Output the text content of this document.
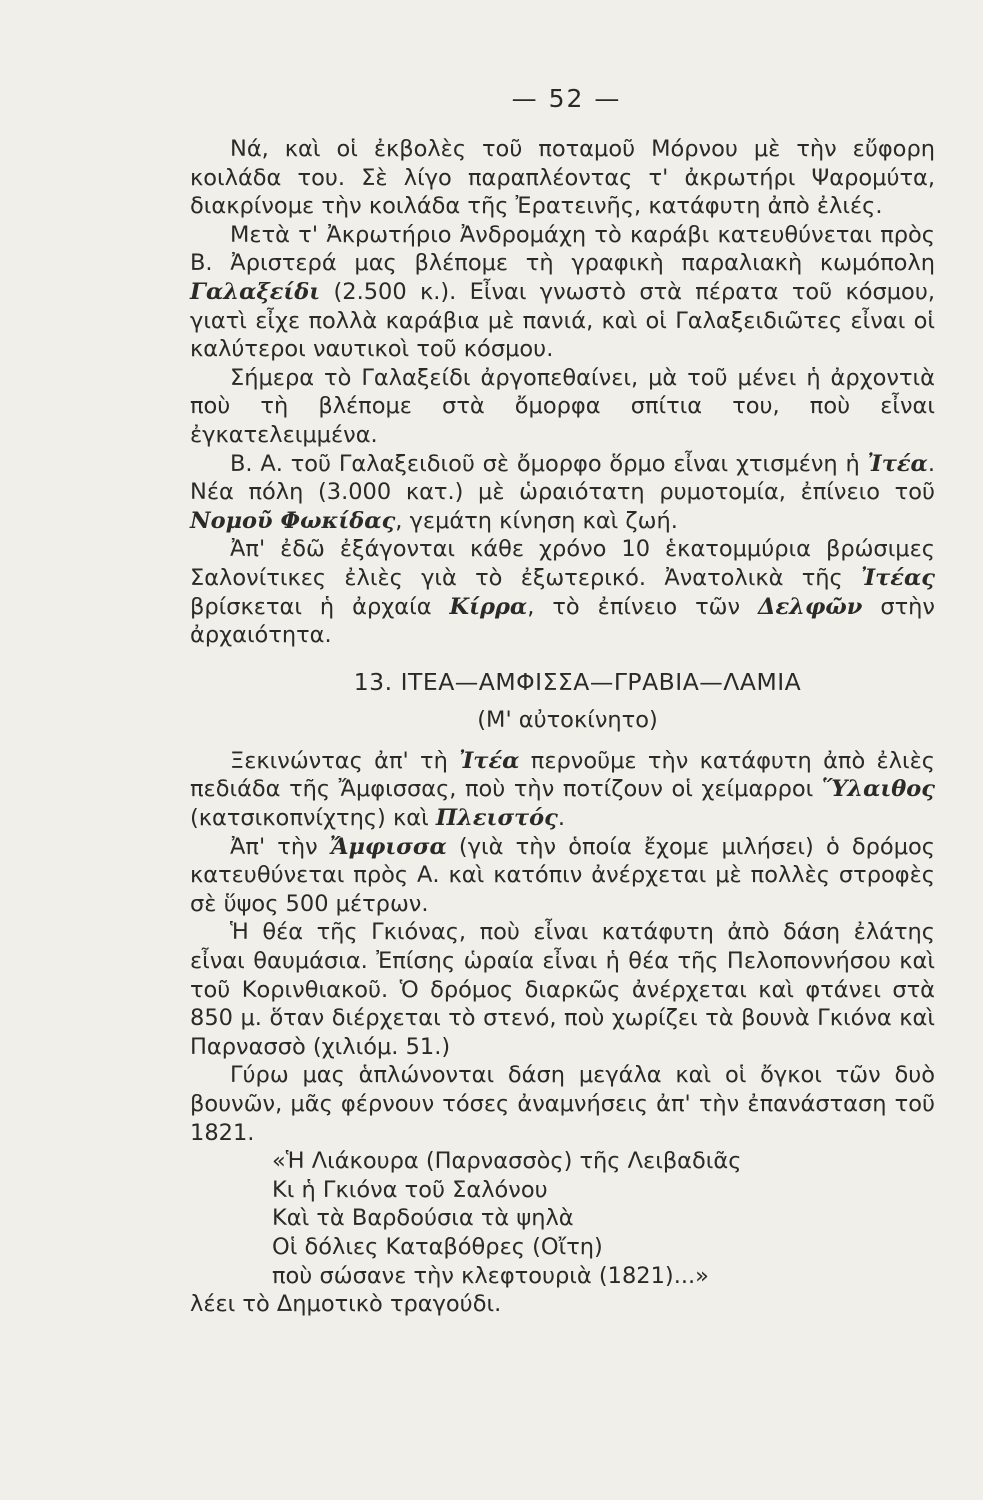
— 52 —

Νά, καὶ οἱ ἐκβολὲς τοῦ ποταμοῦ Μόρνου μὲ τὴν εὔφορη κοιλάδα του. Σὲ λίγο παραπλέοντας τ' ἀκρωτήρι Ψαρομύτα, διακρίνομε τὴν κοιλάδα τῆς Ἐρατεινῆς, κατάφυτη ἀπὸ ἐλιές.

Μετὰ τ' Ἀκρωτήριο Ἀνδρομάχη τὸ καράβι κατευθύνεται πρὸς Β. Ἀριστερά μας βλέπομε τὴ γραφικὴ παραλιακὴ κωμόπολη Γαλαξείδι (2.500 κ.). Εἶναι γνωστὸ στὰ πέρατα τοῦ κόσμου, γιατὶ εἶχε πολλὰ καράβια μὲ πανιά, καὶ οἱ Γαλαξειδιῶτες εἶναι οἱ καλύτεροι ναυτικοὶ τοῦ κόσμου.

Σήμερα τὸ Γαλαξείδι ἀργοπεθαίνει, μὰ τοῦ μένει ἡ ἀρχοντιὰ ποὺ τὴ βλέπομε στὰ ὄμορφα σπίτια του, ποὺ εἶναι ἐγκατελειμμένα.

Β. Α. τοῦ Γαλαξειδιοῦ σὲ ὄμορφο ὅρμο εἶναι χτισμένη ἡ Ἰτέα. Νέα πόλη (3.000 κατ.) μὲ ὡραιότατη ρυμοτομία, ἐπίνειο τοῦ Νομοῦ Φωκίδας, γεμάτη κίνηση καὶ ζωή.

Ἀπ' ἐδῶ ἐξάγονται κάθε χρόνο 10 ἑκατομμύρια βρώσιμες Σαλονίτικες ἐλιὲς γιὰ τὸ ἐξωτερικό. Ἀνατολικὰ τῆς Ἰτέας βρίσκεται ἡ ἀρχαία Κίρρα, τὸ ἐπίνειο τῶν Δελφῶν στὴν ἀρχαιότητα.

13. ΙΤΕΑ—ΑΜΦΙΣΣΑ—ΓΡΑΒΙΑ—ΛΑΜΙΑ
(Μ' αὐτοκίνητο)

Ξεκινώντας ἀπ' τὴ Ἰτέα περνοῦμε τὴν κατάφυτη ἀπὸ ἐλιὲς πεδιάδα τῆς Ἄμφισσας, ποὺ τὴν ποτίζουν οἱ χείμαρροι Ὕλαιθος (κατσικοπνίχτης) καὶ Πλειστός.

Ἀπ' τὴν Ἄμφισσα (γιὰ τὴν ὁποία ἔχομε μιλήσει) ὁ δρόμος κατευθύνεται πρὸς Α. καὶ κατόπιν ἀνέρχεται μὲ πολλὲς στροφὲς σὲ ὕψος 500 μέτρων.

Ἡ θέα τῆς Γκιόνας, ποὺ εἶναι κατάφυτη ἀπὸ δάση ἐλάτης εἶναι θαυμάσια. Ἐπίσης ὡραία εἶναι ἡ θέα τῆς Πελοποννήσου καὶ τοῦ Κορινθιακοῦ. Ὁ δρόμος διαρκῶς ἀνέρχεται καὶ φτάνει στὰ 850 μ. ὅταν διέρχεται τὸ στενό, ποὺ χωρίζει τὰ βουνὰ Γκιόνα καὶ Παρνασσὸ (χιλιόμ. 51.)

Γύρω μας ἁπλώνονται δάση μεγάλα καὶ οἱ ὄγκοι τῶν δυὸ βουνῶν, μᾶς φέρνουν τόσες ἀναμνήσεις ἀπ' τὴν ἐπανάσταση τοῦ 1821.

«Ἡ Λιάκουρα (Παρνασσὸς) τῆς Λειβαδιᾶς
Κι ἡ Γκιόνα τοῦ Σαλόνου
Καὶ τὰ Βαρδούσια τὰ ψηλὰ
Οἱ δόλιες Καταβόθρες (Οἴτη)
ποὺ σώσανε τὴν κλεφτουριὰ (1821)...»

λέει τὸ Δημοτικὸ τραγούδι.
